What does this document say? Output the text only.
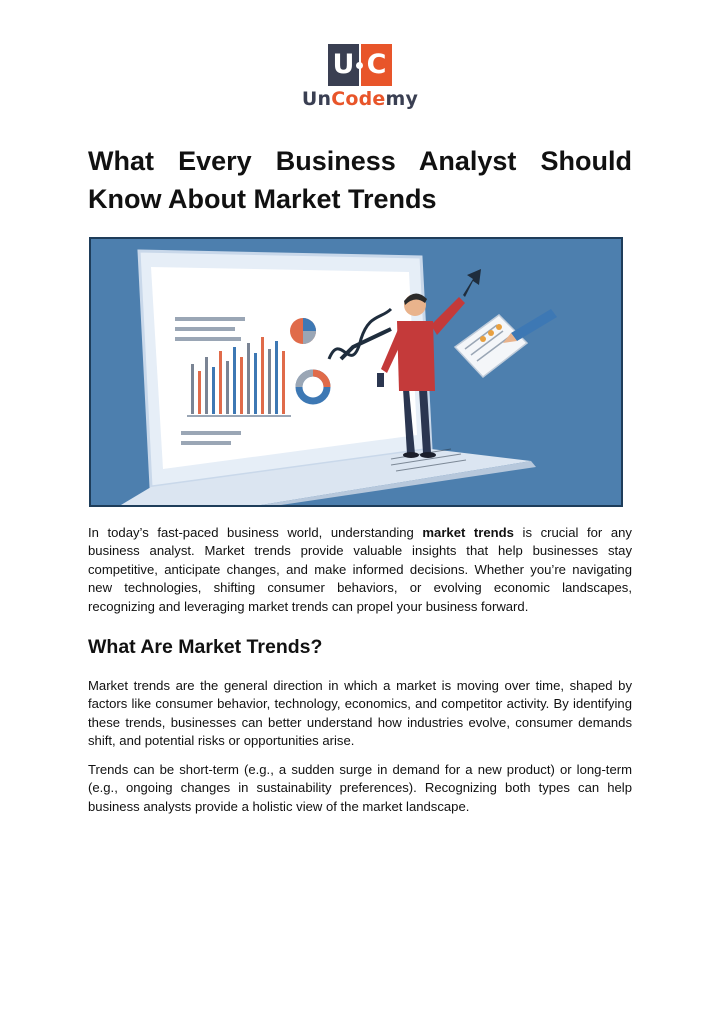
U C
UnCodemy
What Every Business Analyst Should Know About Market Trends

In today’s fast-paced business world, understanding market trends is crucial for any business analyst. Market trends provide valuable insights that help businesses stay competitive, anticipate changes, and make informed decisions. Whether you’re navigating new technologies, shifting consumer behaviors, or evolving economic landscapes, recognizing and leveraging market trends can propel your business forward.

What Are Market Trends?

Market trends are the general direction in which a market is moving over time, shaped by factors like consumer behavior, technology, economics, and competitor activity. By identifying these trends, businesses can better understand how industries evolve, consumer demands shift, and potential risks or opportunities arise.

Trends can be short-term (e.g., a sudden surge in demand for a new product) or long-term (e.g., ongoing changes in sustainability preferences). Recognizing both types can help business analysts provide a holistic view of the market landscape.
